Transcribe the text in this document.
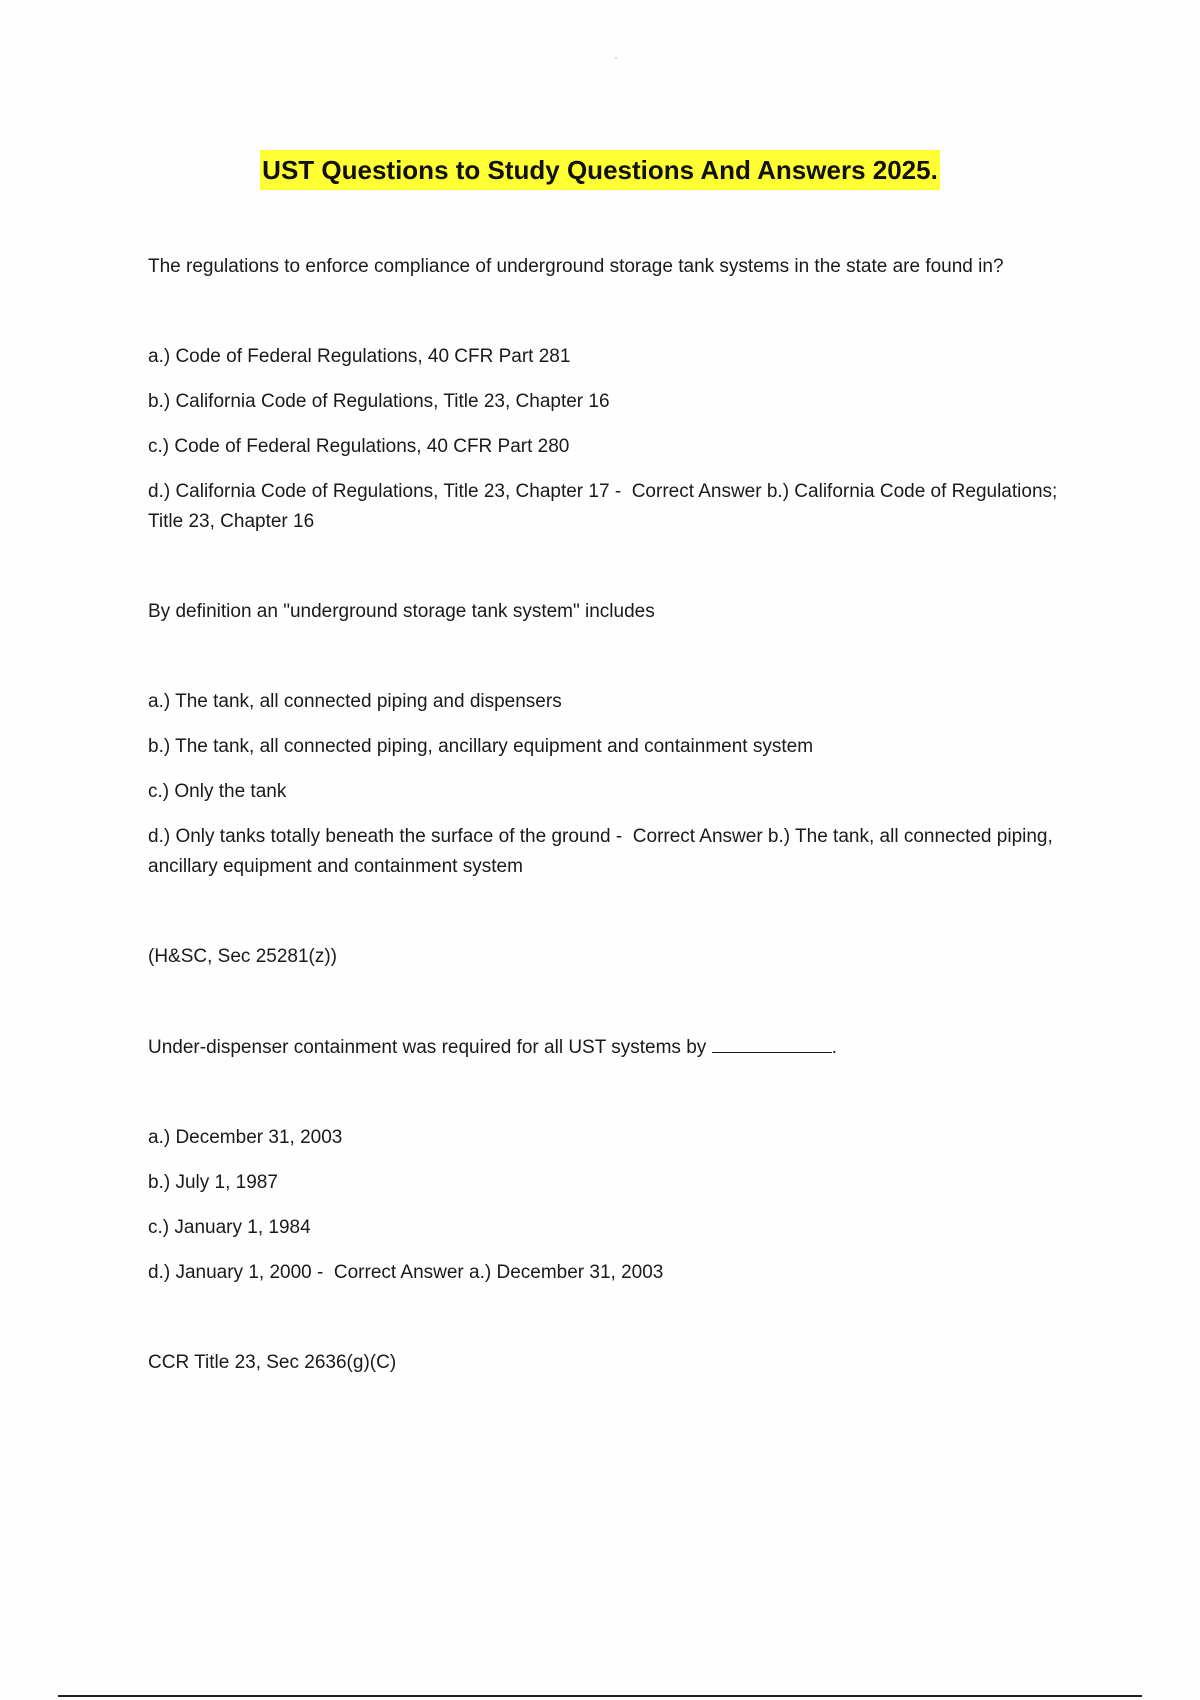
UST Questions to Study Questions And Answers 2025.

The regulations to enforce compliance of underground storage tank systems in the state are found in?

a.) Code of Federal Regulations, 40 CFR Part 281

b.) California Code of Regulations, Title 23, Chapter 16

c.) Code of Federal Regulations, 40 CFR Part 280

d.) California Code of Regulations, Title 23, Chapter 17 -  Correct Answer b.) California Code of Regulations; Title 23, Chapter 16

By definition an "underground storage tank system" includes

a.) The tank, all connected piping and dispensers

b.) The tank, all connected piping, ancillary equipment and containment system

c.) Only the tank

d.) Only tanks totally beneath the surface of the ground -  Correct Answer b.) The tank, all connected piping, ancillary equipment and containment system

(H&SC, Sec 25281(z))

Under-dispenser containment was required for all UST systems by	.

a.) December 31, 2003

b.) July 1, 1987

c.) January 1, 1984

d.) January 1, 2000 -  Correct Answer a.) December 31, 2003

CCR Title 23, Sec 2636(g)(C)
